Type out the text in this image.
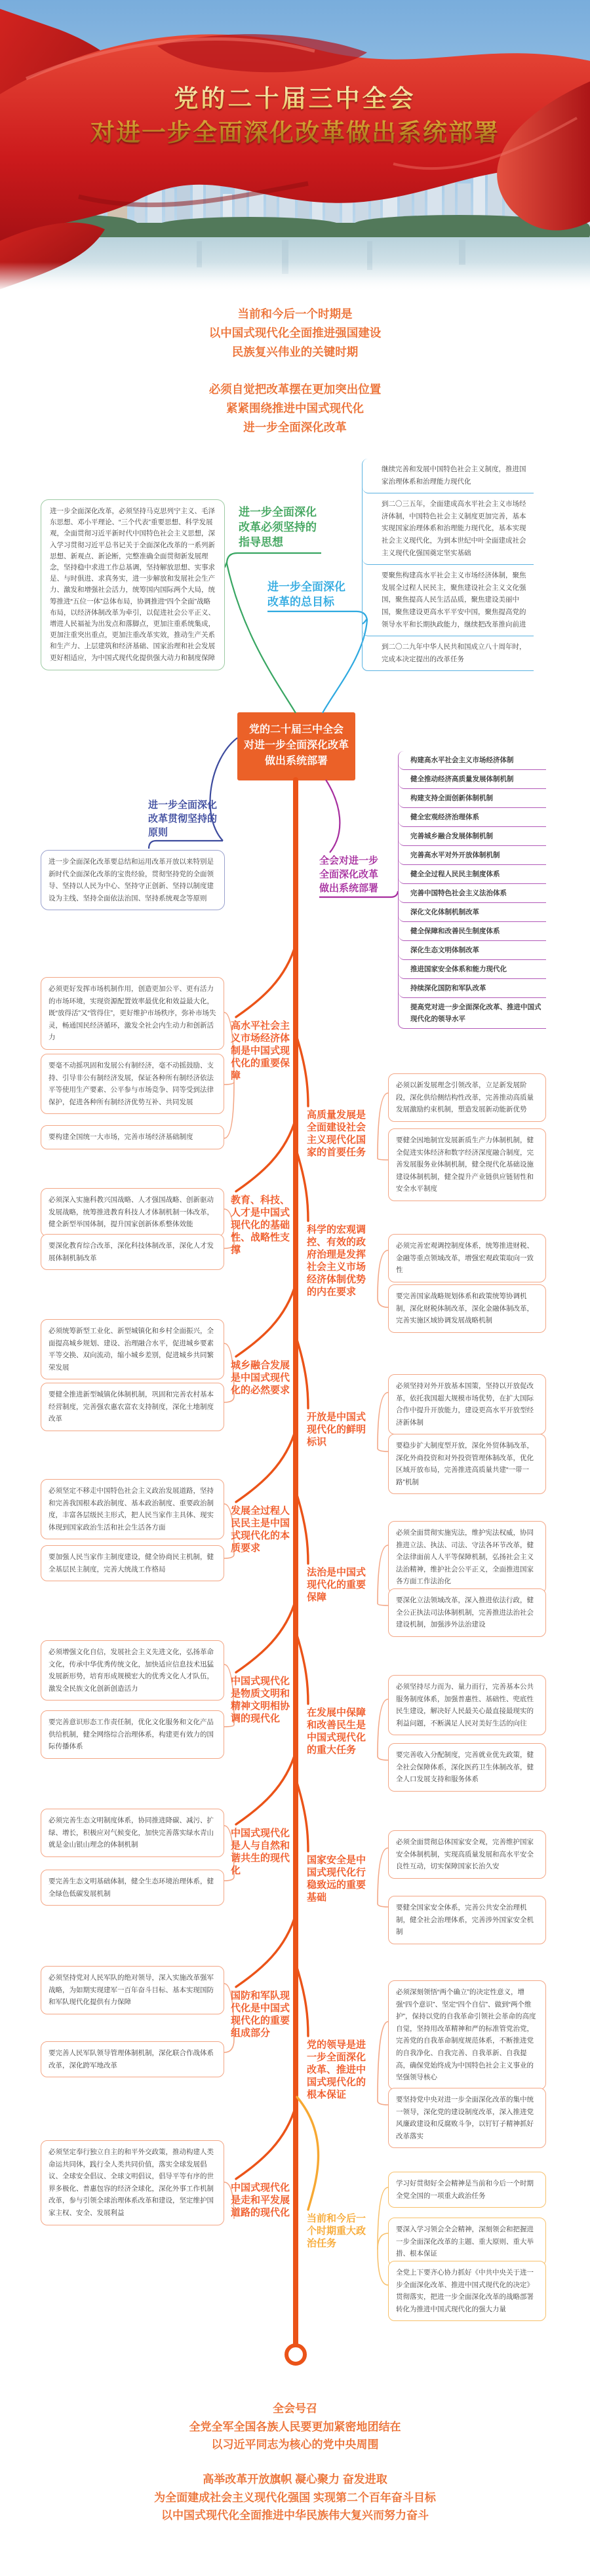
党的二十届三中全会
对进一步全面深化改革做出系统部署
当前和今后一个时期是
以中国式现代化全面推进强国建设
民族复兴伟业的关键时期
必须自觉把改革摆在更加突出位置
紧紧围绕推进中国式现代化
进一步全面深化改革
党的二十届三中全会
对进一步全面深化改革
做出系统部署
进一步全面深化改革必须坚持的指导思想
进一步全面深化改革，必须坚持马克思列宁主义、毛泽东思想、邓小平理论、“三个代表”重要思想、科学发展观，全面贯彻习近平新时代中国特色社会主义思想，深入学习贯彻习近平总书记关于全面深化改革的一系列新思想、新观点、新论断，完整准确全面贯彻新发展理念，坚持稳中求进工作总基调，坚持解放思想、实事求是、与时俱进、求真务实，进一步解放和发展社会生产力、激发和增强社会活力，统筹国内国际两个大局，统筹推进“五位一体”总体布局，协调推进“四个全面”战略布局，以经济体制改革为牵引，以促进社会公平正义、增进人民福祉为出发点和落脚点，更加注重系统集成，更加注重突出重点，更加注重改革实效，推动生产关系和生产力、上层建筑和经济基础、国家治理和社会发展更好相适应，为中国式现代化提供强大动力和制度保障
进一步全面深化改革的总目标
继续完善和发展中国特色社会主义制度，推进国家治理体系和治理能力现代化
到二〇三五年，全面建成高水平社会主义市场经济体制，中国特色社会主义制度更加完善，基本实现国家治理体系和治理能力现代化，基本实现社会主义现代化，为到本世纪中叶全面建成社会主义现代化强国奠定坚实基础
要聚焦构建高水平社会主义市场经济体制，聚焦发展全过程人民民主，聚焦建设社会主义文化强国，聚焦提高人民生活品质，聚焦建设美丽中国，聚焦建设更高水平平安中国，聚焦提高党的领导水平和长期执政能力，继续把改革推向前进
到二〇二九年中华人民共和国成立八十周年时，完成本决定提出的改革任务
进一步全面深化改革贯彻坚持的原则
进一步全面深化改革要总结和运用改革开放以来特别是新时代全面深化改革的宝贵经验，贯彻坚持党的全面领导、坚持以人民为中心、坚持守正创新、坚持以制度建设为主线、坚持全面依法治国、坚持系统观念等原则
全会对进一步全面深化改革做出系统部署
构建高水平社会主义市场经济体制
健全推动经济高质量发展体制机制
构建支持全面创新体制机制
健全宏观经济治理体系
完善城乡融合发展体制机制
完善高水平对外开放体制机制
健全全过程人民民主制度体系
完善中国特色社会主义法治体系
深化文化体制机制改革
健全保障和改善民生制度体系
深化生态文明体制改革
推进国家安全体系和能力现代化
持续深化国防和军队改革
提高党对进一步全面深化改革、推进中国式现代化的领导水平
高水平社会主义市场经济体制是中国式现代化的重要保障
高质量发展是全面建设社会主义现代化国家的首要任务
教育、科技、人才是中国式现代化的基础性、战略性支撑
科学的宏观调控、有效的政府治理是发挥社会主义市场经济体制优势的内在要求
城乡融合发展是中国式现代化的必然要求
开放是中国式现代化的鲜明标识
发展全过程人民民主是中国式现代化的本质要求
法治是中国式现代化的重要保障
中国式现代化是物质文明和精神文明相协调的现代化
在发展中保障和改善民生是中国式现代化的重大任务
中国式现代化是人与自然和谐共生的现代化
国家安全是中国式现代化行稳致远的重要基础
国防和军队现代化是中国式现代化的重要组成部分
党的领导是进一步全面深化改革、推进中国式现代化的根本保证
中国式现代化是走和平发展道路的现代化
当前和今后一个时期重大政治任务
必须更好发挥市场机制作用，创造更加公平、更有活力的市场环境，实现资源配置效率最优化和效益最大化，既“放得活”又“管得住”，更好维护市场秩序，弥补市场失灵，畅通国民经济循环，激发全社会内生动力和创新活力
要毫不动摇巩固和发展公有制经济，毫不动摇鼓励、支持、引导非公有制经济发展，保证各种所有制经济依法平等使用生产要素、公平参与市场竞争、同等受到法律保护，促进各种所有制经济优势互补、共同发展
要构建全国统一大市场，完善市场经济基础制度
必须以新发展理念引领改革，立足新发展阶段，深化供给侧结构性改革，完善推动高质量发展激励约束机制，塑造发展新动能新优势
要健全因地制宜发展新质生产力体制机制，健全促进实体经济和数字经济深度融合制度，完善发展服务业体制机制，健全现代化基础设施建设体制机制，健全提升产业链供应链韧性和安全水平制度
必须深入实施科教兴国战略、人才强国战略、创新驱动发展战略，统筹推进教育科技人才体制机制一体改革，健全新型举国体制，提升国家创新体系整体效能
要深化教育综合改革，深化科技体制改革，深化人才发展体制机制改革
必须完善宏观调控制度体系，统筹推进财税、金融等重点领域改革，增强宏观政策取向一致性
要完善国家战略规划体系和政策统筹协调机制，深化财税体制改革，深化金融体制改革，完善实施区域协调发展战略机制
必须统筹新型工业化、新型城镇化和乡村全面振兴，全面提高城乡规划、建设、治理融合水平，促进城乡要素平等交换、双向流动，缩小城乡差别，促进城乡共同繁荣发展
要健全推进新型城镇化体制机制，巩固和完善农村基本经营制度，完善强农惠农富农支持制度，深化土地制度改革
必须坚持对外开放基本国策，坚持以开放促改革，依托我国超大规模市场优势，在扩大国际合作中提升开放能力，建设更高水平开放型经济新体制
要稳步扩大制度型开放，深化外贸体制改革，深化外商投资和对外投资管理体制改革，优化区域开放布局，完善推进高质量共建“一带一路”机制
必须坚定不移走中国特色社会主义政治发展道路，坚持和完善我国根本政治制度、基本政治制度、重要政治制度，丰富各层级民主形式，把人民当家作主具体、现实体现到国家政治生活和社会生活各方面
要加强人民当家作主制度建设，健全协商民主机制，健全基层民主制度，完善大统战工作格局
必须全面贯彻实施宪法，维护宪法权威，协同推进立法、执法、司法、守法各环节改革，健全法律面前人人平等保障机制，弘扬社会主义法治精神，维护社会公平正义，全面推进国家各方面工作法治化
要深化立法领域改革，深入推进依法行政，健全公正执法司法体制机制，完善推进法治社会建设机制，加强涉外法治建设
必须增强文化自信，发展社会主义先进文化，弘扬革命文化，传承中华优秀传统文化，加快适应信息技术迅猛发展新形势，培育形成规模宏大的优秀文化人才队伍，激发全民族文化创新创造活力
要完善意识形态工作责任制，优化文化服务和文化产品供给机制，健全网络综合治理体系，构建更有效力的国际传播体系
必须坚持尽力而为、量力而行，完善基本公共服务制度体系，加强普惠性、基础性、兜底性民生建设，解决好人民最关心最直接最现实的利益问题，不断满足人民对美好生活的向往
要完善收入分配制度，完善就业优先政策，健全社会保障体系，深化医药卫生体制改革，健全人口发展支持和服务体系
必须完善生态文明制度体系，协同推进降碳、减污、扩绿、增长，积极应对气候变化，加快完善落实绿水青山就是金山银山理念的体制机制
要完善生态文明基础体制，健全生态环境治理体系，健全绿色低碳发展机制
必须全面贯彻总体国家安全观，完善维护国家安全体制机制，实现高质量发展和高水平安全良性互动，切实保障国家长治久安
要健全国家安全体系，完善公共安全治理机制，健全社会治理体系，完善涉外国家安全机制
必须坚持党对人民军队的绝对领导，深入实施改革强军战略，为如期实现建军一百年奋斗目标、基本实现国防和军队现代化提供有力保障
要完善人民军队领导管理体制机制，深化联合作战体系改革，深化跨军地改革
必须深刻领悟“两个确立”的决定性意义，增强“四个意识”、坚定“四个自信”、做到“两个维护”，保持以党的自我革命引领社会革命的高度自觉，坚持用改革精神和严的标准管党治党，完善党的自我革命制度规范体系，不断推进党的自我净化、自我完善、自我革新、自我提高，确保党始终成为中国特色社会主义事业的坚强领导核心
要坚持党中央对进一步全面深化改革的集中统一领导，深化党的建设制度改革，深入推进党风廉政建设和反腐败斗争，以钉钉子精神抓好改革落实
必须坚定奉行独立自主的和平外交政策，推动构建人类命运共同体，践行全人类共同价值，落实全球发展倡议、全球安全倡议、全球文明倡议，倡导平等有序的世界多极化、普惠包容的经济全球化，深化外事工作机制改革，参与引领全球治理体系改革和建设，坚定维护国家主权、安全、发展利益
学习好贯彻好全会精神是当前和今后一个时期全党全国的一项重大政治任务
要深入学习领会全会精神，深刻领会和把握进一步全面深化改革的主题、重大原则、重大举措、根本保证
全党上下要齐心协力抓好《中共中央关于进一步全面深化改革、推进中国式现代化的决定》贯彻落实，把进一步全面深化改革的战略部署转化为推进中国式现代化的强大力量
全会号召
全党全军全国各族人民要更加紧密地团结在
以习近平同志为核心的党中央周围
高举改革开放旗帜 凝心聚力 奋发进取
为全面建成社会主义现代化强国 实现第二个百年奋斗目标
以中国式现代化全面推进中华民族伟大复兴而努力奋斗
